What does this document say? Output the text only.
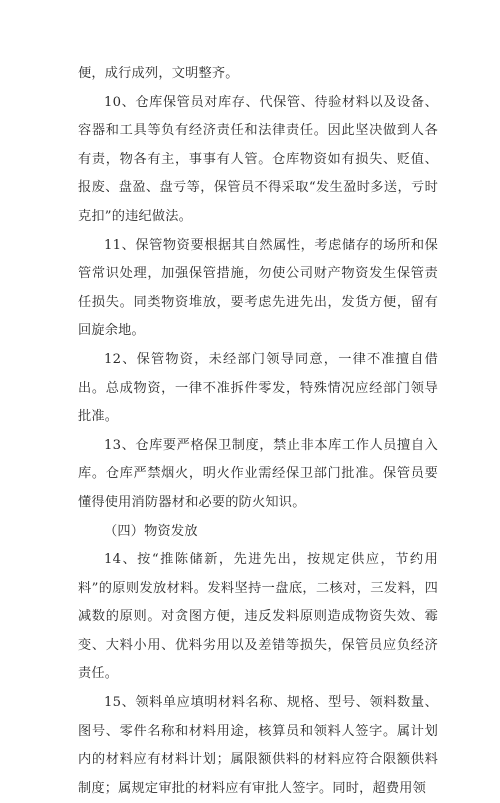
便，成行成列，文明整齐。

10、仓库保管员对库存、代保管、待验材料以及设备、容器和工具等负有经济责任和法律责任。因此坚决做到人各有责，物各有主，事事有人管。仓库物资如有损失、贬值、报废、盘盈、盘亏等，保管员不得采取“发生盈时多送，亏时克扣”的违纪做法。

11、保管物资要根据其自然属性，考虑储存的场所和保管常识处理，加强保管措施，勿使公司财产物资发生保管责任损失。同类物资堆放，要考虑先进先出，发货方便，留有回旋余地。

12、保管物资，未经部门领导同意，一律不准擅自借出。总成物资，一律不准拆件零发，特殊情况应经部门领导批准。

13、仓库要严格保卫制度，禁止非本库工作人员擅自入库。仓库严禁烟火，明火作业需经保卫部门批准。保管员要懂得使用消防器材和必要的防火知识。

（四）物资发放

14、按“推陈储新，先进先出，按规定供应，节约用料”的原则发放材料。发料坚持一盘底，二核对，三发料，四减数的原则。对贪图方便，违反发料原则造成物资失效、霉变、大料小用、优料劣用以及差错等损失，保管员应负经济责任。

15、领料单应填明材料名称、规格、型号、领料数量、图号、零件名称和材料用途，核算员和领料人签字。属计划内的材料应有材料计划；属限额供料的材料应符合限额供料制度；属规定审批的材料应有审批人签字。同时，超费用领
